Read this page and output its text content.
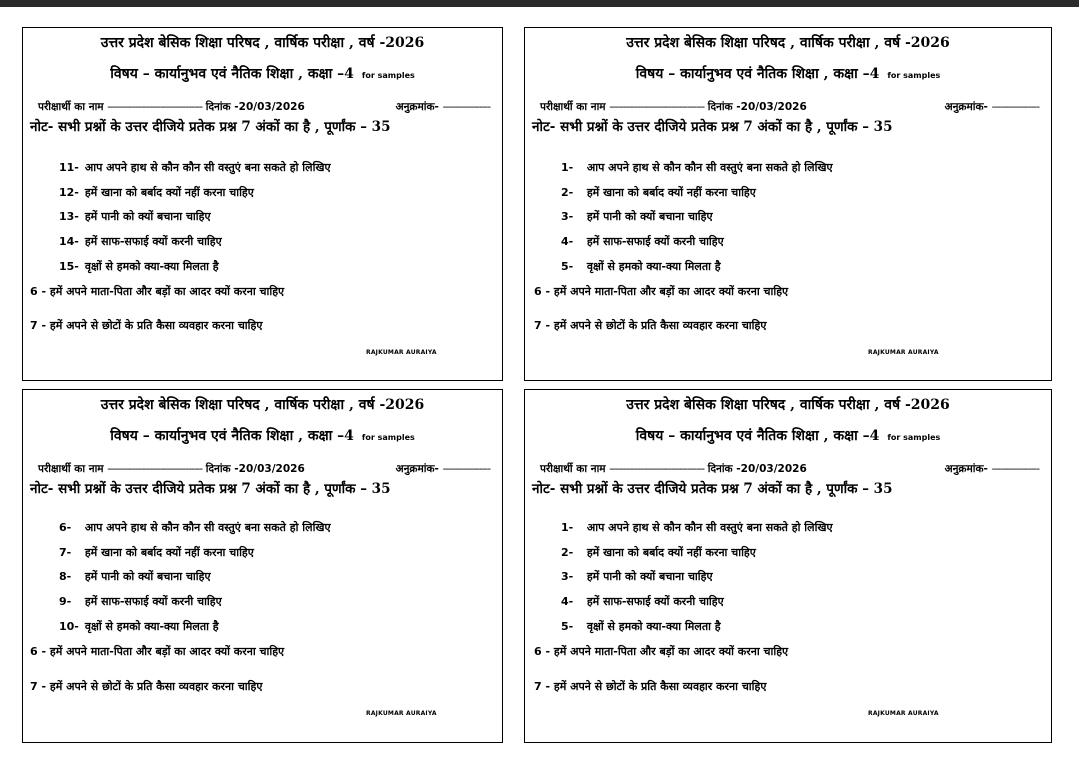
उत्तर प्रदेश बेसिक शिक्षा परिषद , वार्षिक परीक्षा , वर्ष -2026
विषय – कार्यानुभव एवं नैतिक शिक्षा , कक्षा –4 for samples
परीक्षार्थी का नाम ---------------------------------- दिनांक -20/03/2026	अनुक्रमांक- -----------------
नोट- सभी प्रश्नों के उत्तर दीजिये प्रतेक प्रश्न 7 अंकों का है , पूर्णांक – 35
11- आप अपने हाथ से कौन कौन सी वस्तुएं बना सकते हो लिखिए
12- हमें खाना को बर्बाद क्यों नहीं करना चाहिए
13- हमें पानी को क्यों बचाना चाहिए
14- हमें साफ-सफाई क्यों करनी चाहिए
15- वृक्षों से हमको क्या-क्या मिलता है
6 - हमें अपने माता-पिता और बड़ों का आदर क्यों करना चाहिए
7 - हमें अपने से छोटों के प्रति कैसा व्यवहार करना चाहिए
RAJKUMAR AURAIYA
उत्तर प्रदेश बेसिक शिक्षा परिषद , वार्षिक परीक्षा , वर्ष -2026
विषय – कार्यानुभव एवं नैतिक शिक्षा , कक्षा –4 for samples
परीक्षार्थी का नाम ---------------------------------- दिनांक -20/03/2026	अनुक्रमांक- -----------------
नोट- सभी प्रश्नों के उत्तर दीजिये प्रतेक प्रश्न 7 अंकों का है , पूर्णांक – 35
1- आप अपने हाथ से कौन कौन सी वस्तुएं बना सकते हो लिखिए
2- हमें खाना को बर्बाद क्यों नहीं करना चाहिए
3- हमें पानी को क्यों बचाना चाहिए
4- हमें साफ-सफाई क्यों करनी चाहिए
5- वृक्षों से हमको क्या-क्या मिलता है
6 - हमें अपने माता-पिता और बड़ों का आदर क्यों करना चाहिए
7 - हमें अपने से छोटों के प्रति कैसा व्यवहार करना चाहिए
RAJKUMAR AURAIYA
उत्तर प्रदेश बेसिक शिक्षा परिषद , वार्षिक परीक्षा , वर्ष -2026
विषय – कार्यानुभव एवं नैतिक शिक्षा , कक्षा –4 for samples
परीक्षार्थी का नाम ---------------------------------- दिनांक -20/03/2026	अनुक्रमांक- -----------------
नोट- सभी प्रश्नों के उत्तर दीजिये प्रतेक प्रश्न 7 अंकों का है , पूर्णांक – 35
6- आप अपने हाथ से कौन कौन सी वस्तुएं बना सकते हो लिखिए
7- हमें खाना को बर्बाद क्यों नहीं करना चाहिए
8- हमें पानी को क्यों बचाना चाहिए
9- हमें साफ-सफाई क्यों करनी चाहिए
10- वृक्षों से हमको क्या-क्या मिलता है
6 - हमें अपने माता-पिता और बड़ों का आदर क्यों करना चाहिए
7 - हमें अपने से छोटों के प्रति कैसा व्यवहार करना चाहिए
RAJKUMAR AURAIYA
उत्तर प्रदेश बेसिक शिक्षा परिषद , वार्षिक परीक्षा , वर्ष -2026
विषय – कार्यानुभव एवं नैतिक शिक्षा , कक्षा –4 for samples
परीक्षार्थी का नाम ---------------------------------- दिनांक -20/03/2026	अनुक्रमांक- -----------------
नोट- सभी प्रश्नों के उत्तर दीजिये प्रतेक प्रश्न 7 अंकों का है , पूर्णांक – 35
1- आप अपने हाथ से कौन कौन सी वस्तुएं बना सकते हो लिखिए
2- हमें खाना को बर्बाद क्यों नहीं करना चाहिए
3- हमें पानी को क्यों बचाना चाहिए
4- हमें साफ-सफाई क्यों करनी चाहिए
5- वृक्षों से हमको क्या-क्या मिलता है
6 - हमें अपने माता-पिता और बड़ों का आदर क्यों करना चाहिए
7 - हमें अपने से छोटों के प्रति कैसा व्यवहार करना चाहिए
RAJKUMAR AURAIYA
